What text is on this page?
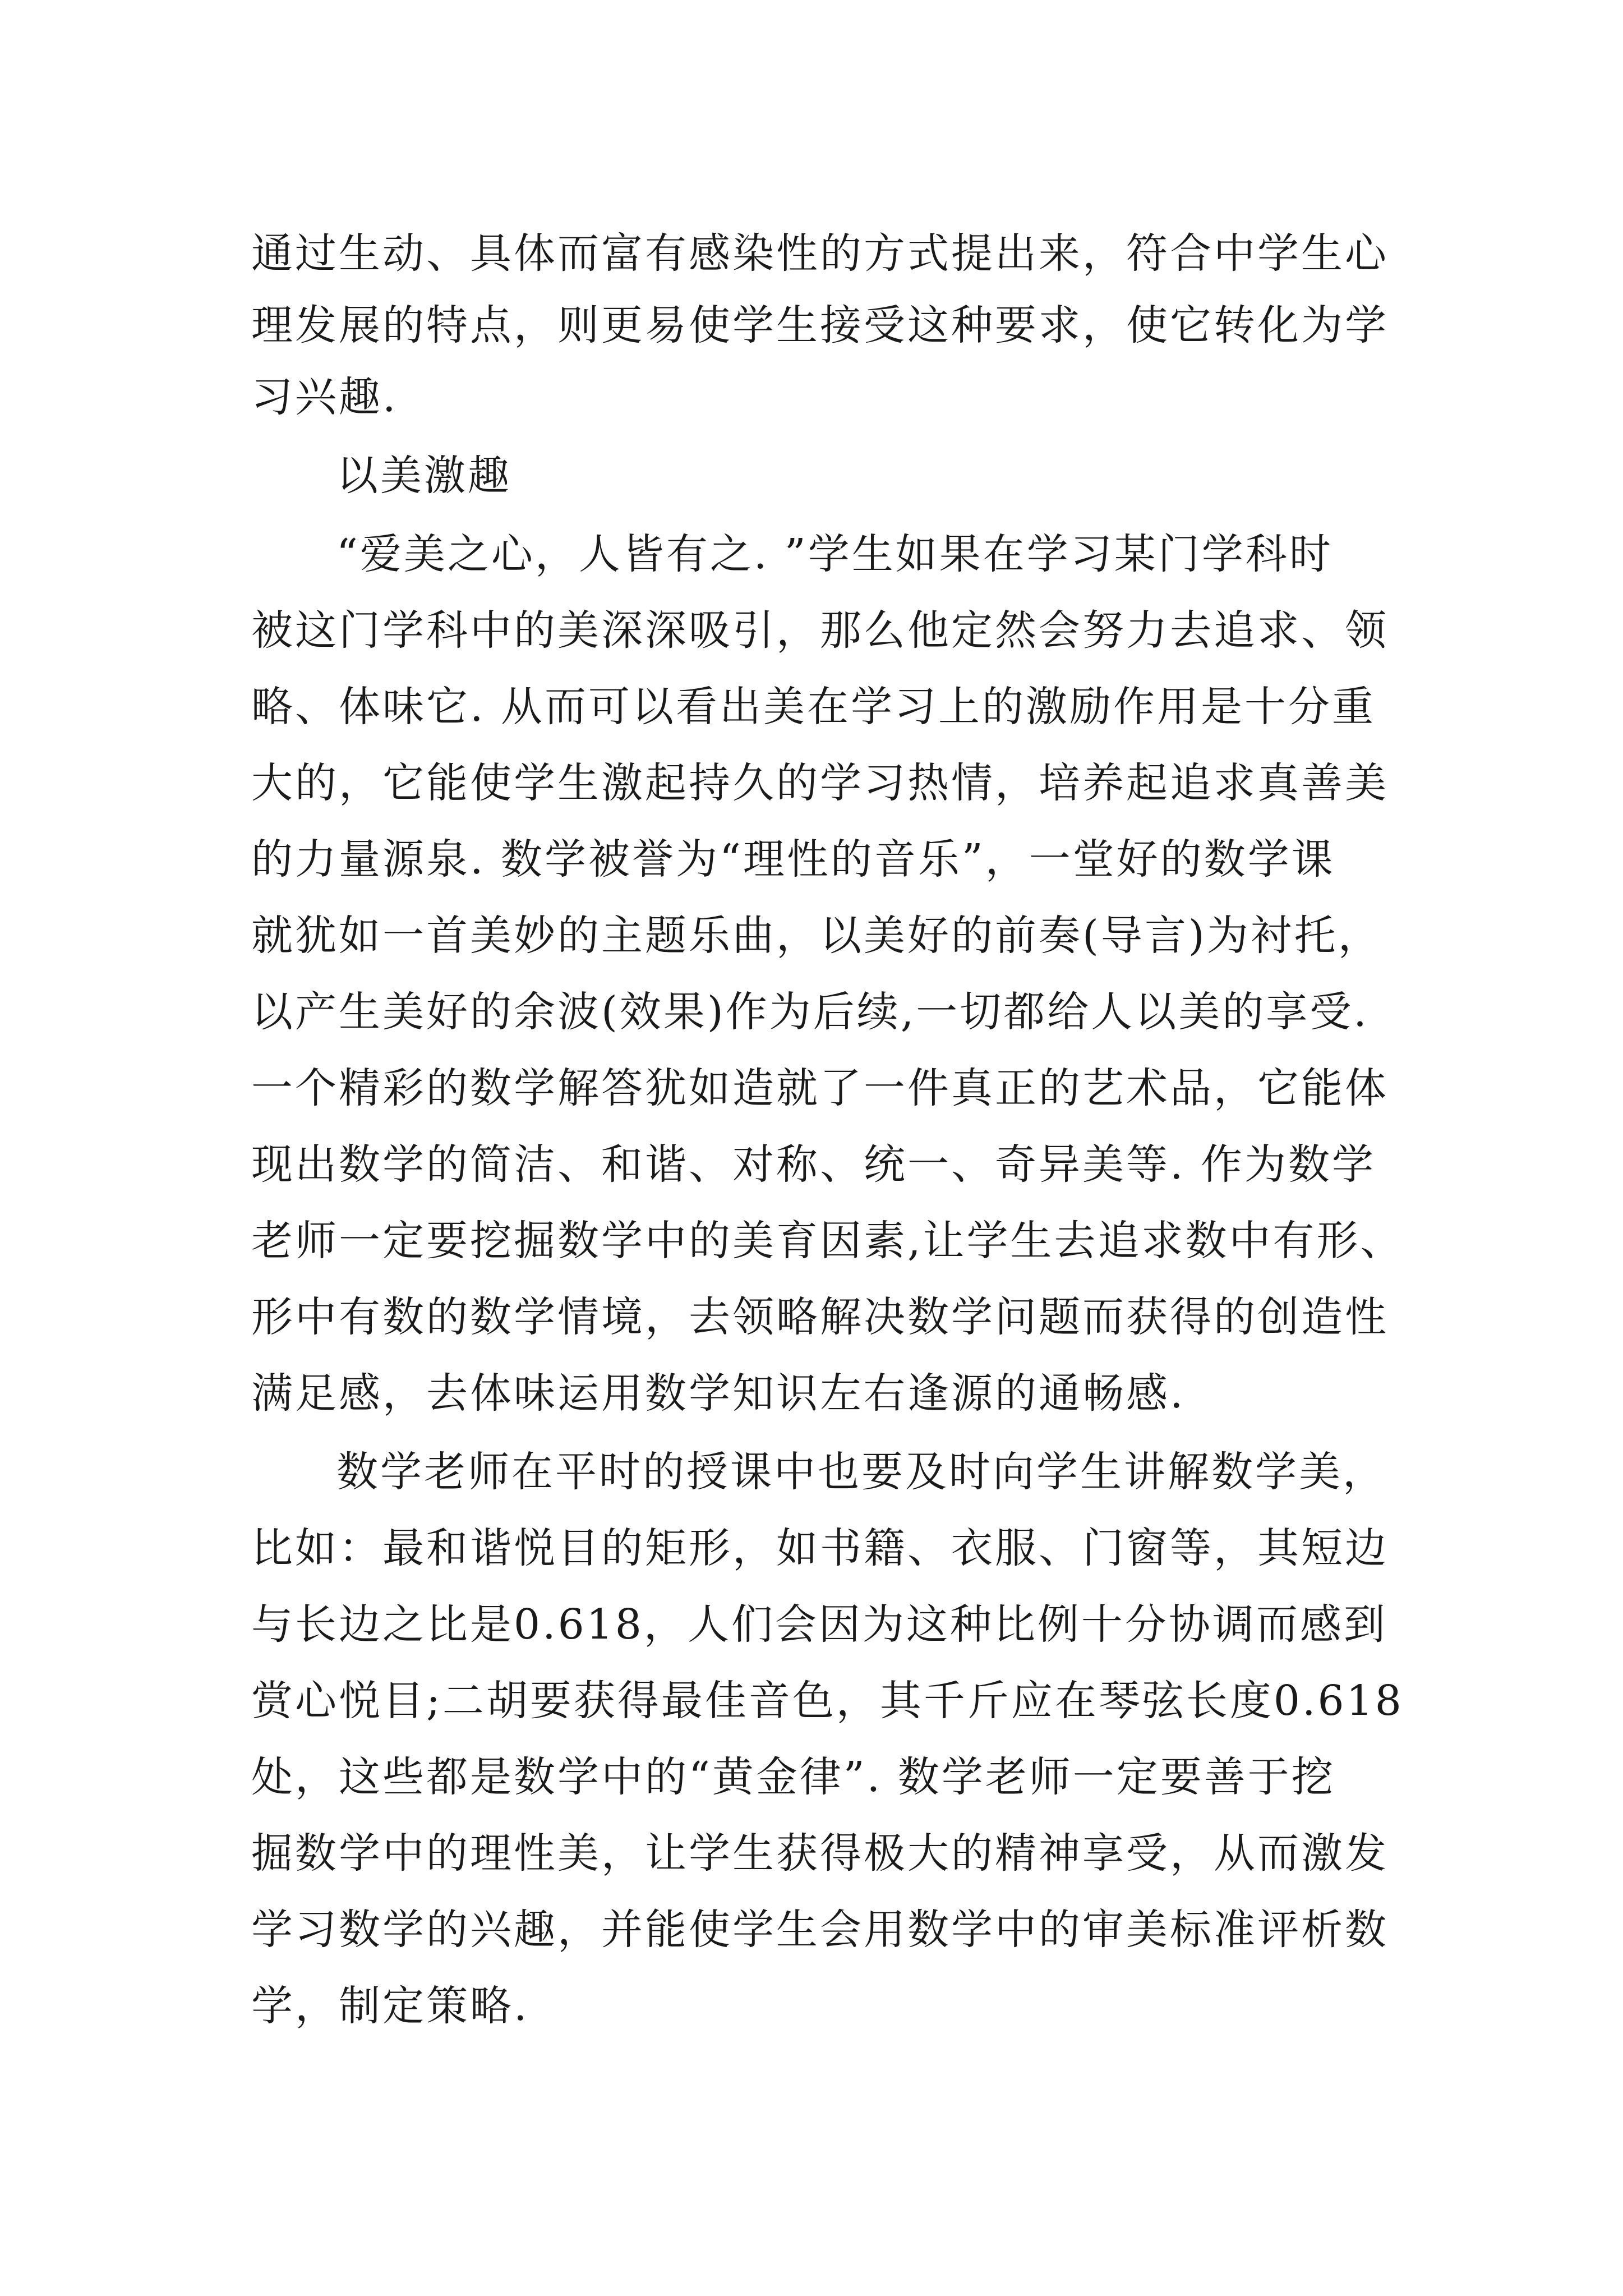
通过生动、具体而富有感染性的方式提出来，符合中学生心
理发展的特点，则更易使学生接受这种要求，使它转化为学
习兴趣.
以美激趣
“爱美之心，人皆有之. ”学生如果在学习某门学科时
被这门学科中的美深深吸引，那么他定然会努力去追求、领
略、体味它. 从而可以看出美在学习上的激励作用是十分重
大的，它能使学生激起持久的学习热情，培养起追求真善美
的力量源泉. 数学被誉为“理性的音乐”，一堂好的数学课
就犹如一首美妙的主题乐曲，以美好的前奏(导言)为衬托，
以产生美好的余波(效果)作为后续,一切都给人以美的享受.
一个精彩的数学解答犹如造就了一件真正的艺术品，它能体
现出数学的简洁、和谐、对称、统一、奇异美等. 作为数学
老师一定要挖掘数学中的美育因素,让学生去追求数中有形、
形中有数的数学情境，去领略解决数学问题而获得的创造性
满足感，去体味运用数学知识左右逢源的通畅感.
数学老师在平时的授课中也要及时向学生讲解数学美，
比如：最和谐悦目的矩形，如书籍、衣服、门窗等，其短边
与长边之比是0.618，人们会因为这种比例十分协调而感到
赏心悦目;二胡要获得最佳音色，其千斤应在琴弦长度0.618
处，这些都是数学中的“黄金律”. 数学老师一定要善于挖
掘数学中的理性美，让学生获得极大的精神享受，从而激发
学习数学的兴趣，并能使学生会用数学中的审美标准评析数
学，制定策略.
